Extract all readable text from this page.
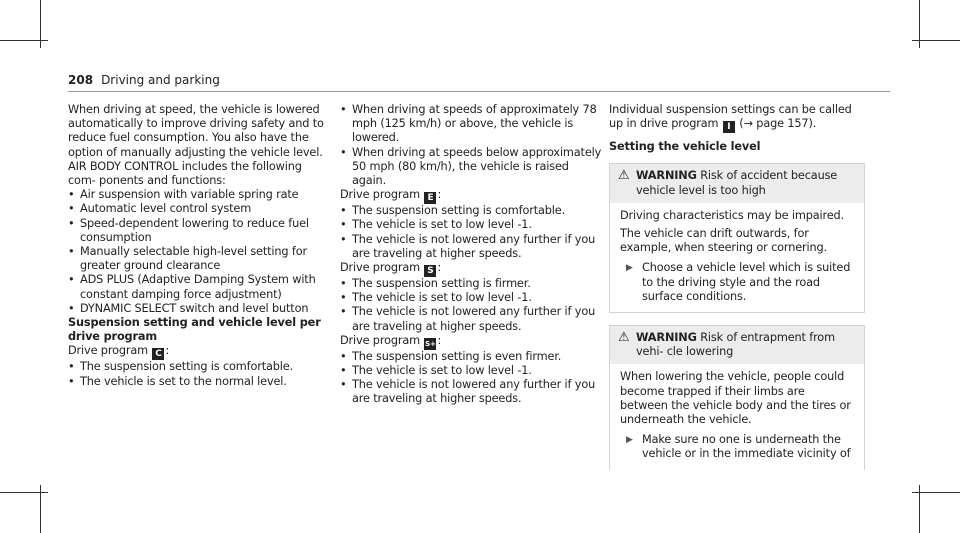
208 Driving and parking

When driving at speed, the vehicle is lowered automatically to improve driving safety and to reduce fuel consumption. You also have the option of manually adjusting the vehicle level.

AIR BODY CONTROL includes the following com- ponents and functions:

• Air suspension with variable spring rate
• Automatic level control system
• Speed-dependent lowering to reduce fuel consumption
• Manually selectable high-level setting for greater ground clearance
• ADS PLUS (Adaptive Damping System with constant damping force adjustment)
• DYNAMIC SELECT switch and level button

Suspension setting and vehicle level per drive program

Drive program C :

• The suspension setting is comfortable.
• The vehicle is set to the normal level.
• When driving at speeds of approximately 78 mph (125 km/h) or above, the vehicle is lowered.
• When driving at speeds below approximately 50 mph (80 km/h), the vehicle is raised again.

Drive program E :

• The suspension setting is comfortable.
• The vehicle is set to low level -1.
• The vehicle is not lowered any further if you are traveling at higher speeds.

Drive program S :

• The suspension setting is firmer.
• The vehicle is set to low level -1.
• The vehicle is not lowered any further if you are traveling at higher speeds.

Drive program S+ :

• The suspension setting is even firmer.
• The vehicle is set to low level -1.
• The vehicle is not lowered any further if you are traveling at higher speeds.

Individual suspension settings can be called up in drive program I (→ page 157).

Setting the vehicle level

⚠ WARNING Risk of accident because vehicle level is too high

Driving characteristics may be impaired.

The vehicle can drift outwards, for example, when steering or cornering.

▶ Choose a vehicle level which is suited to the driving style and the road surface conditions.
⚠ WARNING Risk of entrapment from vehi- cle lowering

When lowering the vehicle, people could become trapped if their limbs are between the vehicle body and the tires or underneath the vehicle.

▶ Make sure no one is underneath the vehicle or in the immediate vicinity of
